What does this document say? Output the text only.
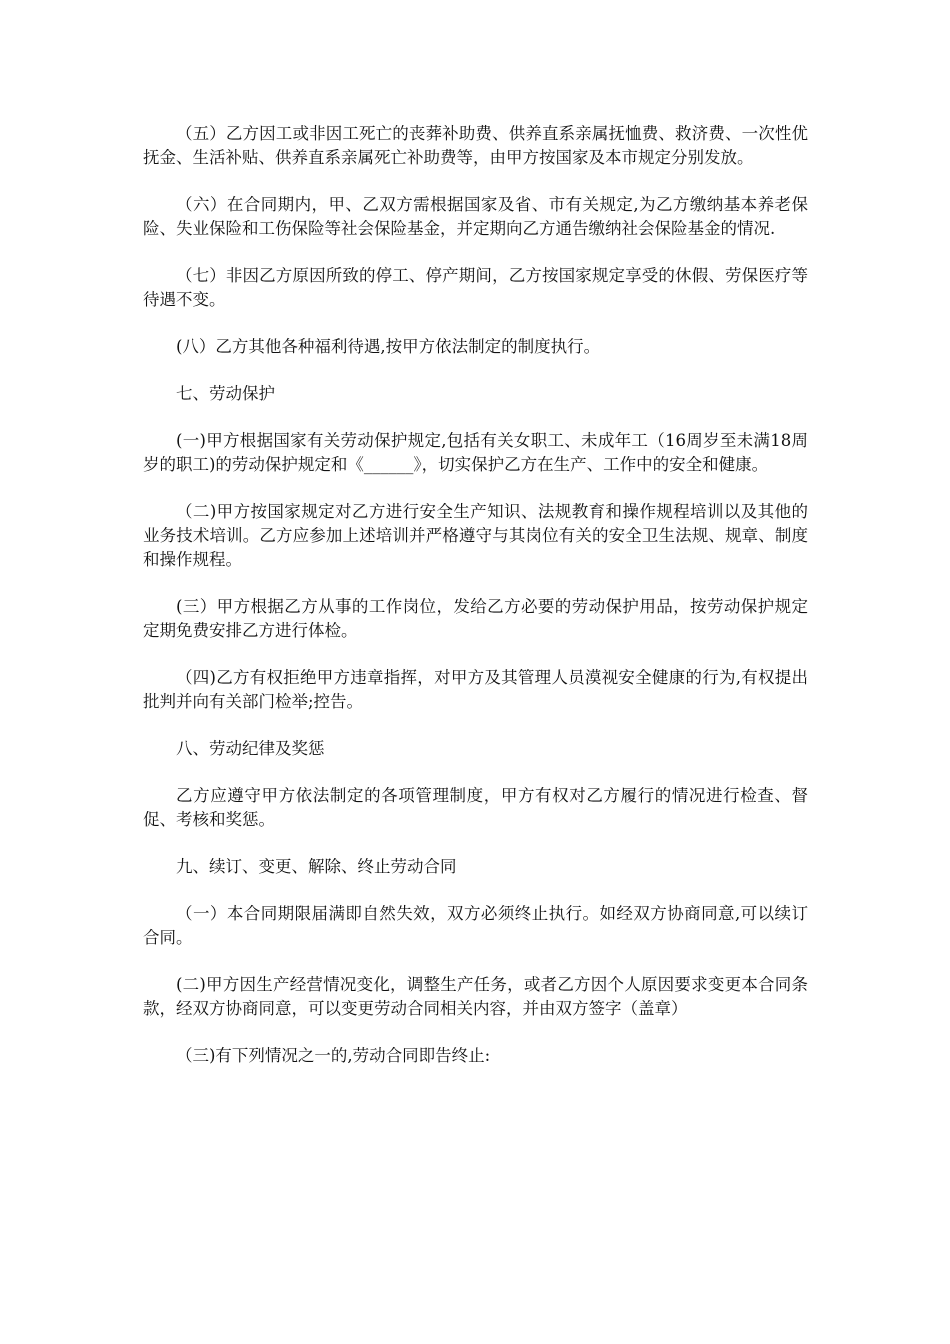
（五）乙方因工或非因工死亡的丧葬补助费、供养直系亲属抚恤费、救济费、一次性优抚金、生活补贴、供养直系亲属死亡补助费等，由甲方按国家及本市规定分别发放。

（六）在合同期内，甲、乙双方需根据国家及省、市有关规定,为乙方缴纳基本养老保险、失业保险和工伤保险等社会保险基金，并定期向乙方通告缴纳社会保险基金的情况.

（七）非因乙方原因所致的停工、停产期间，乙方按国家规定享受的休假、劳保医疗等待遇不变。

(八）乙方其他各种福利待遇,按甲方依法制定的制度执行。

七、劳动保护

(一)甲方根据国家有关劳动保护规定,包括有关女职工、未成年工（16周岁至未满18周岁的职工)的劳动保护规定和《______》，切实保护乙方在生产、工作中的安全和健康。

（二)甲方按国家规定对乙方进行安全生产知识、法规教育和操作规程培训以及其他的业务技术培训。乙方应参加上述培训并严格遵守与其岗位有关的安全卫生法规、规章、制度和操作规程。

(三）甲方根据乙方从事的工作岗位，发给乙方必要的劳动保护用品，按劳动保护规定定期免费安排乙方进行体检。

（四)乙方有权拒绝甲方违章指挥，对甲方及其管理人员漠视安全健康的行为,有权提出批判并向有关部门检举;控告。

八、劳动纪律及奖惩

乙方应遵守甲方依法制定的各项管理制度，甲方有权对乙方履行的情况进行检查、督促、考核和奖惩。

九、续订、变更、解除、终止劳动合同

（一）本合同期限届满即自然失效，双方必须终止执行。如经双方协商同意,可以续订合同。

(二)甲方因生产经营情况变化，调整生产任务，或者乙方因个人原因要求变更本合同条款，经双方协商同意，可以变更劳动合同相关内容，并由双方签字（盖章）

（三)有下列情况之一的,劳动合同即告终止:
